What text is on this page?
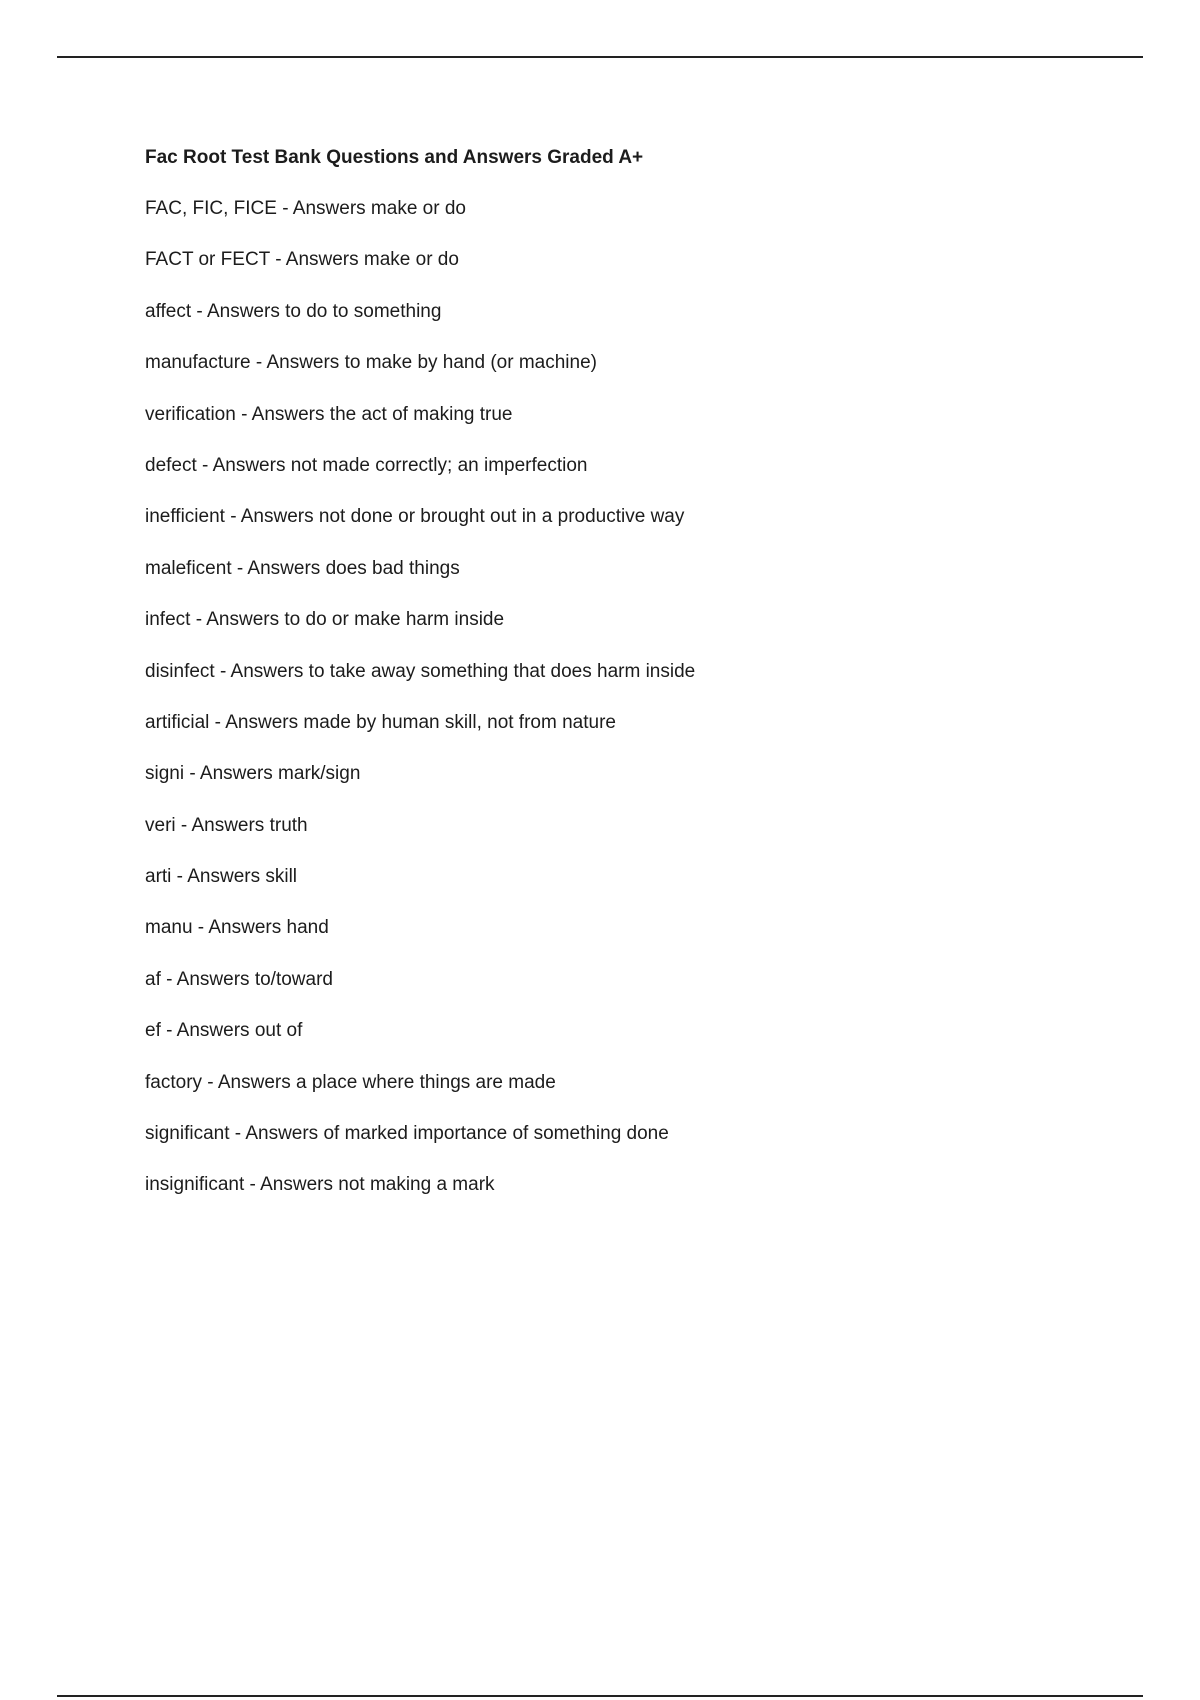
Fac Root Test Bank Questions and Answers Graded A+
FAC, FIC, FICE - Answers make or do
FACT or FECT - Answers make or do
affect - Answers to do to something
manufacture - Answers to make by hand (or machine)
verification - Answers the act of making true
defect - Answers not made correctly; an imperfection
inefficient - Answers not done or brought out in a productive way
maleficent - Answers does bad things
infect - Answers to do or make harm inside
disinfect - Answers to take away something that does harm inside
artificial - Answers made by human skill, not from nature
signi - Answers mark/sign
veri - Answers truth
arti - Answers skill
manu - Answers hand
af - Answers to/toward
ef - Answers out of
factory - Answers a place where things are made
significant - Answers of marked importance of something done
insignificant - Answers not making a mark
